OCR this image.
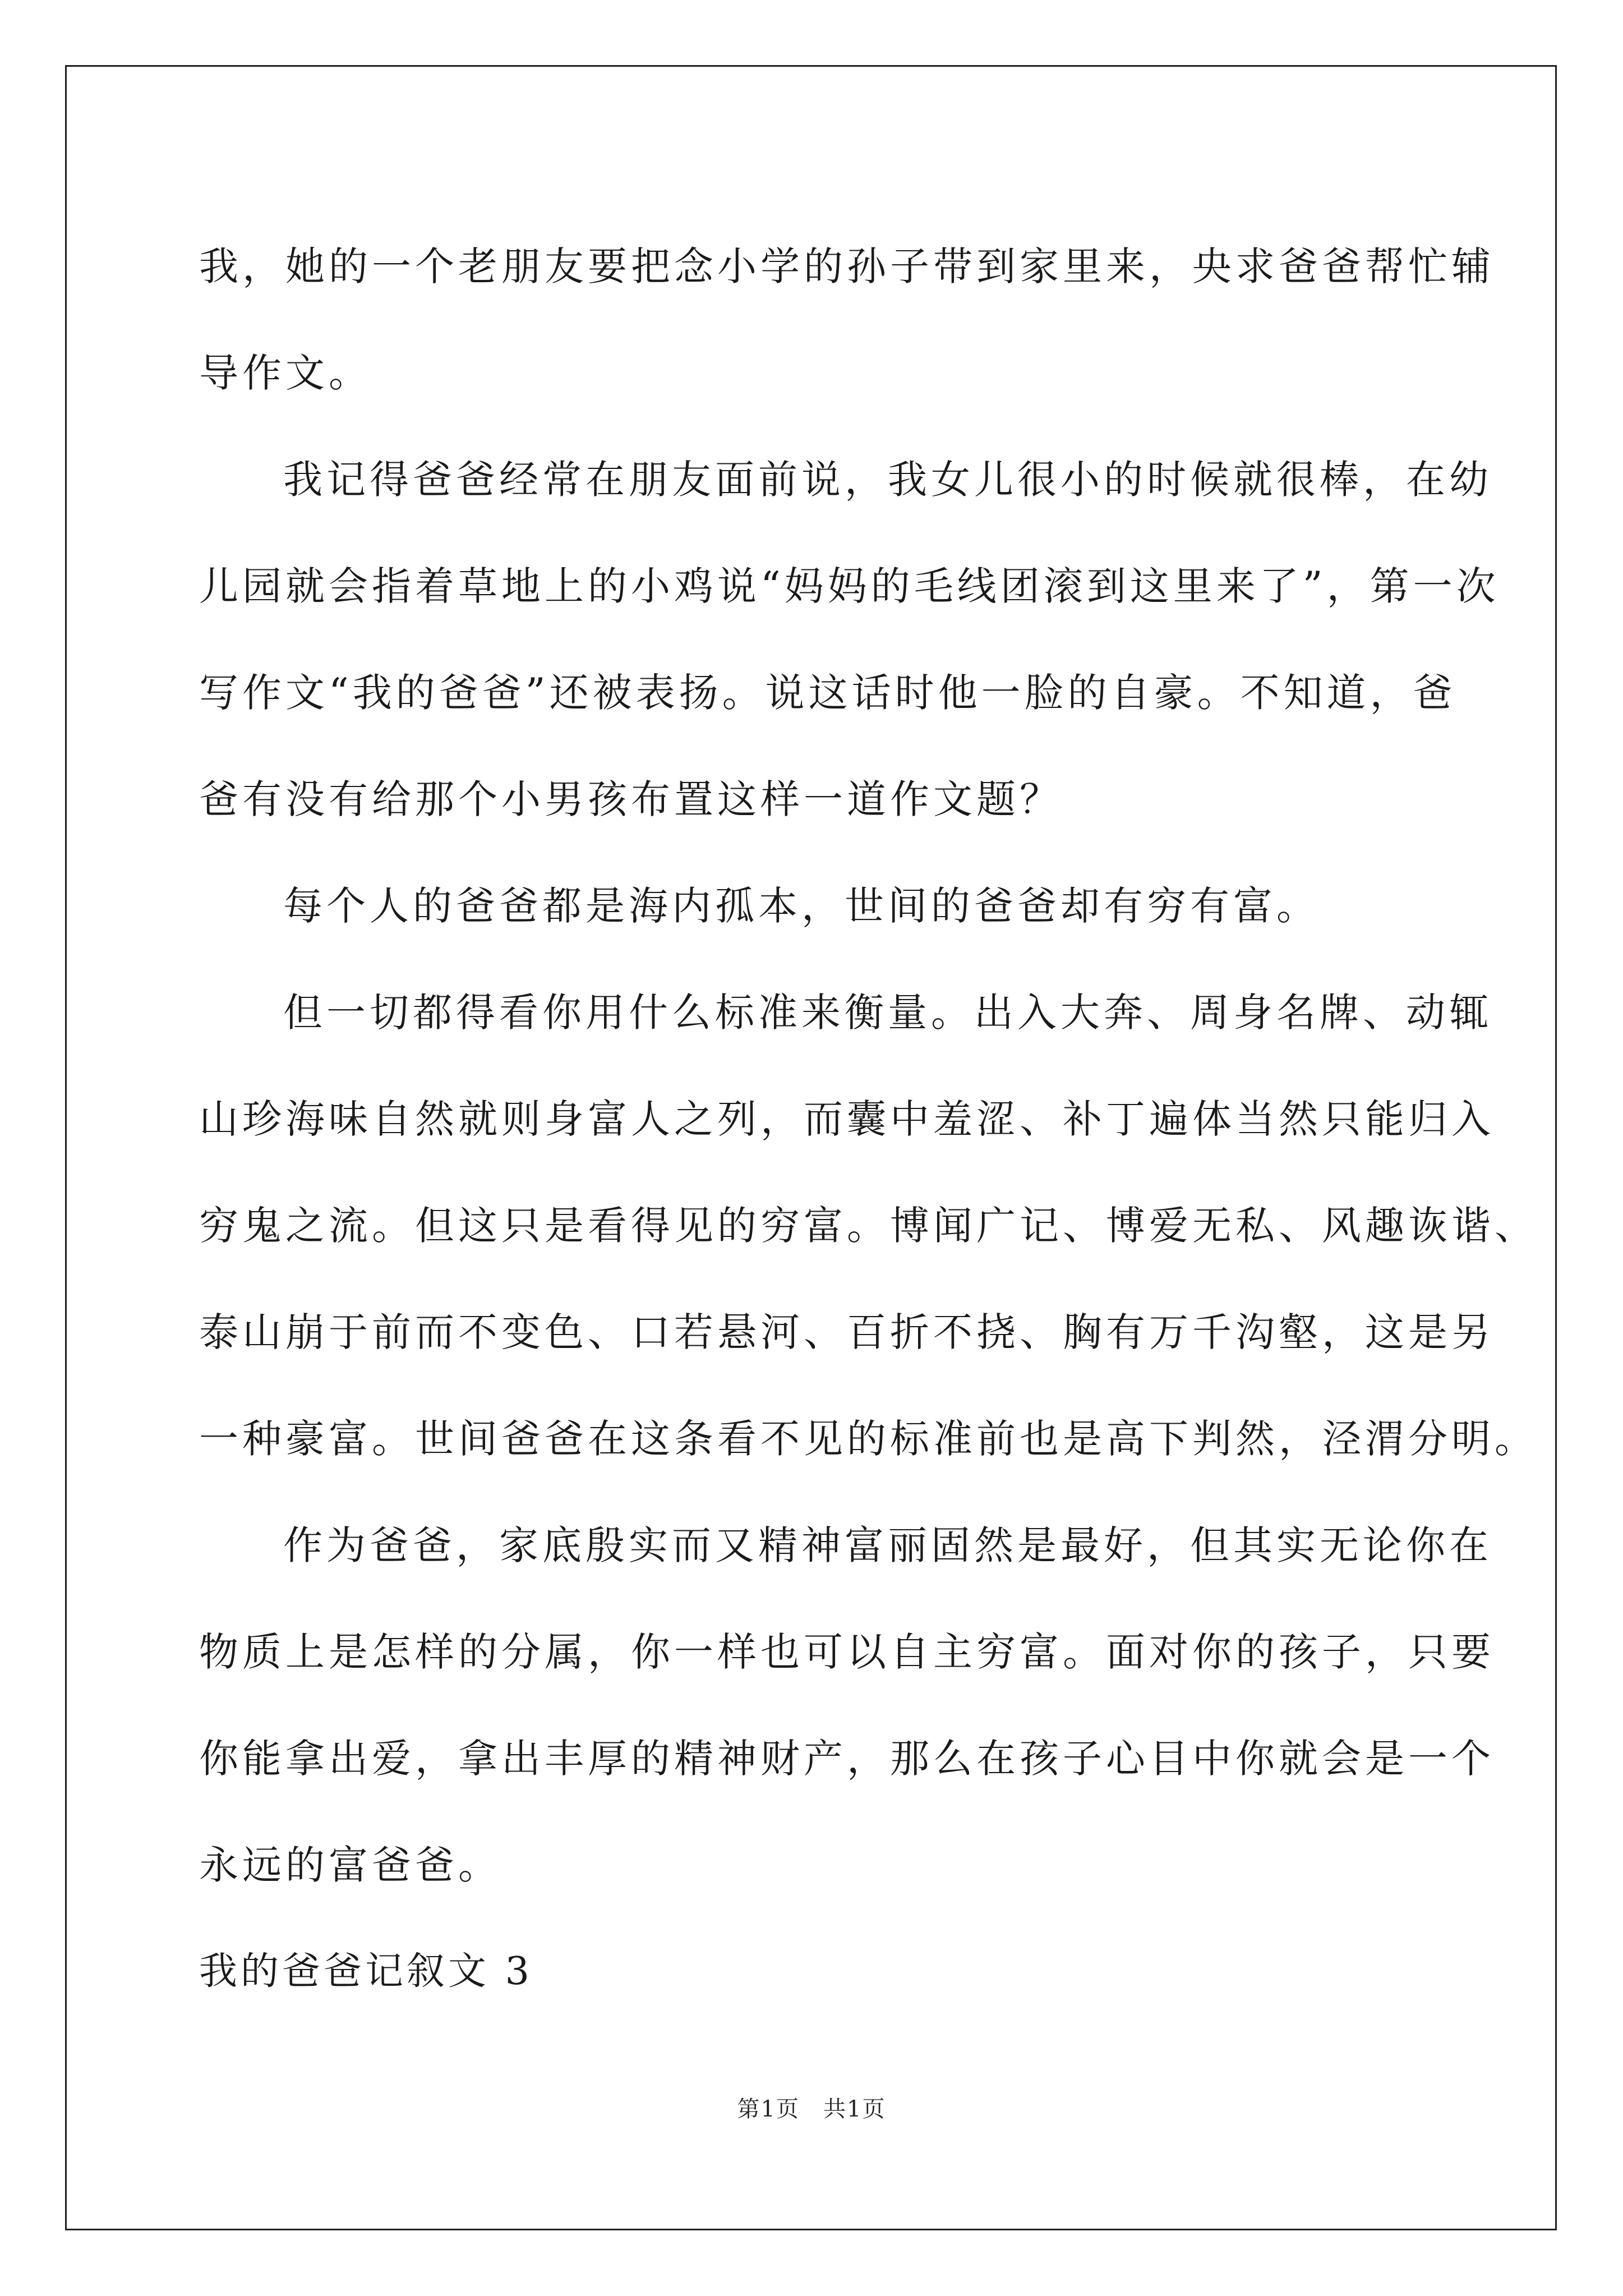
我，她的一个老朋友要把念小学的孙子带到家里来，央求爸爸帮忙辅
导作文。
我记得爸爸经常在朋友面前说，我女儿很小的时候就很棒，在幼
儿园就会指着草地上的小鸡说“妈妈的毛线团滚到这里来了”，第一次
写作文“我的爸爸”还被表扬。说这话时他一脸的自豪。不知道，爸
爸有没有给那个小男孩布置这样一道作文题？
每个人的爸爸都是海内孤本，世间的爸爸却有穷有富。
但一切都得看你用什么标准来衡量。出入大奔、周身名牌、动辄
山珍海味自然就则身富人之列，而囊中羞涩、补丁遍体当然只能归入
穷鬼之流。但这只是看得见的穷富。博闻广记、博爱无私、风趣诙谐、
泰山崩于前而不变色、口若悬河、百折不挠、胸有万千沟壑，这是另
一种豪富。世间爸爸在这条看不见的标准前也是高下判然，泾渭分明。
作为爸爸，家底殷实而又精神富丽固然是最好，但其实无论你在
物质上是怎样的分属，你一样也可以自主穷富。面对你的孩子，只要
你能拿出爱，拿出丰厚的精神财产，那么在孩子心目中你就会是一个
永远的富爸爸。
我的爸爸记叙文 3
第1页　共1页
